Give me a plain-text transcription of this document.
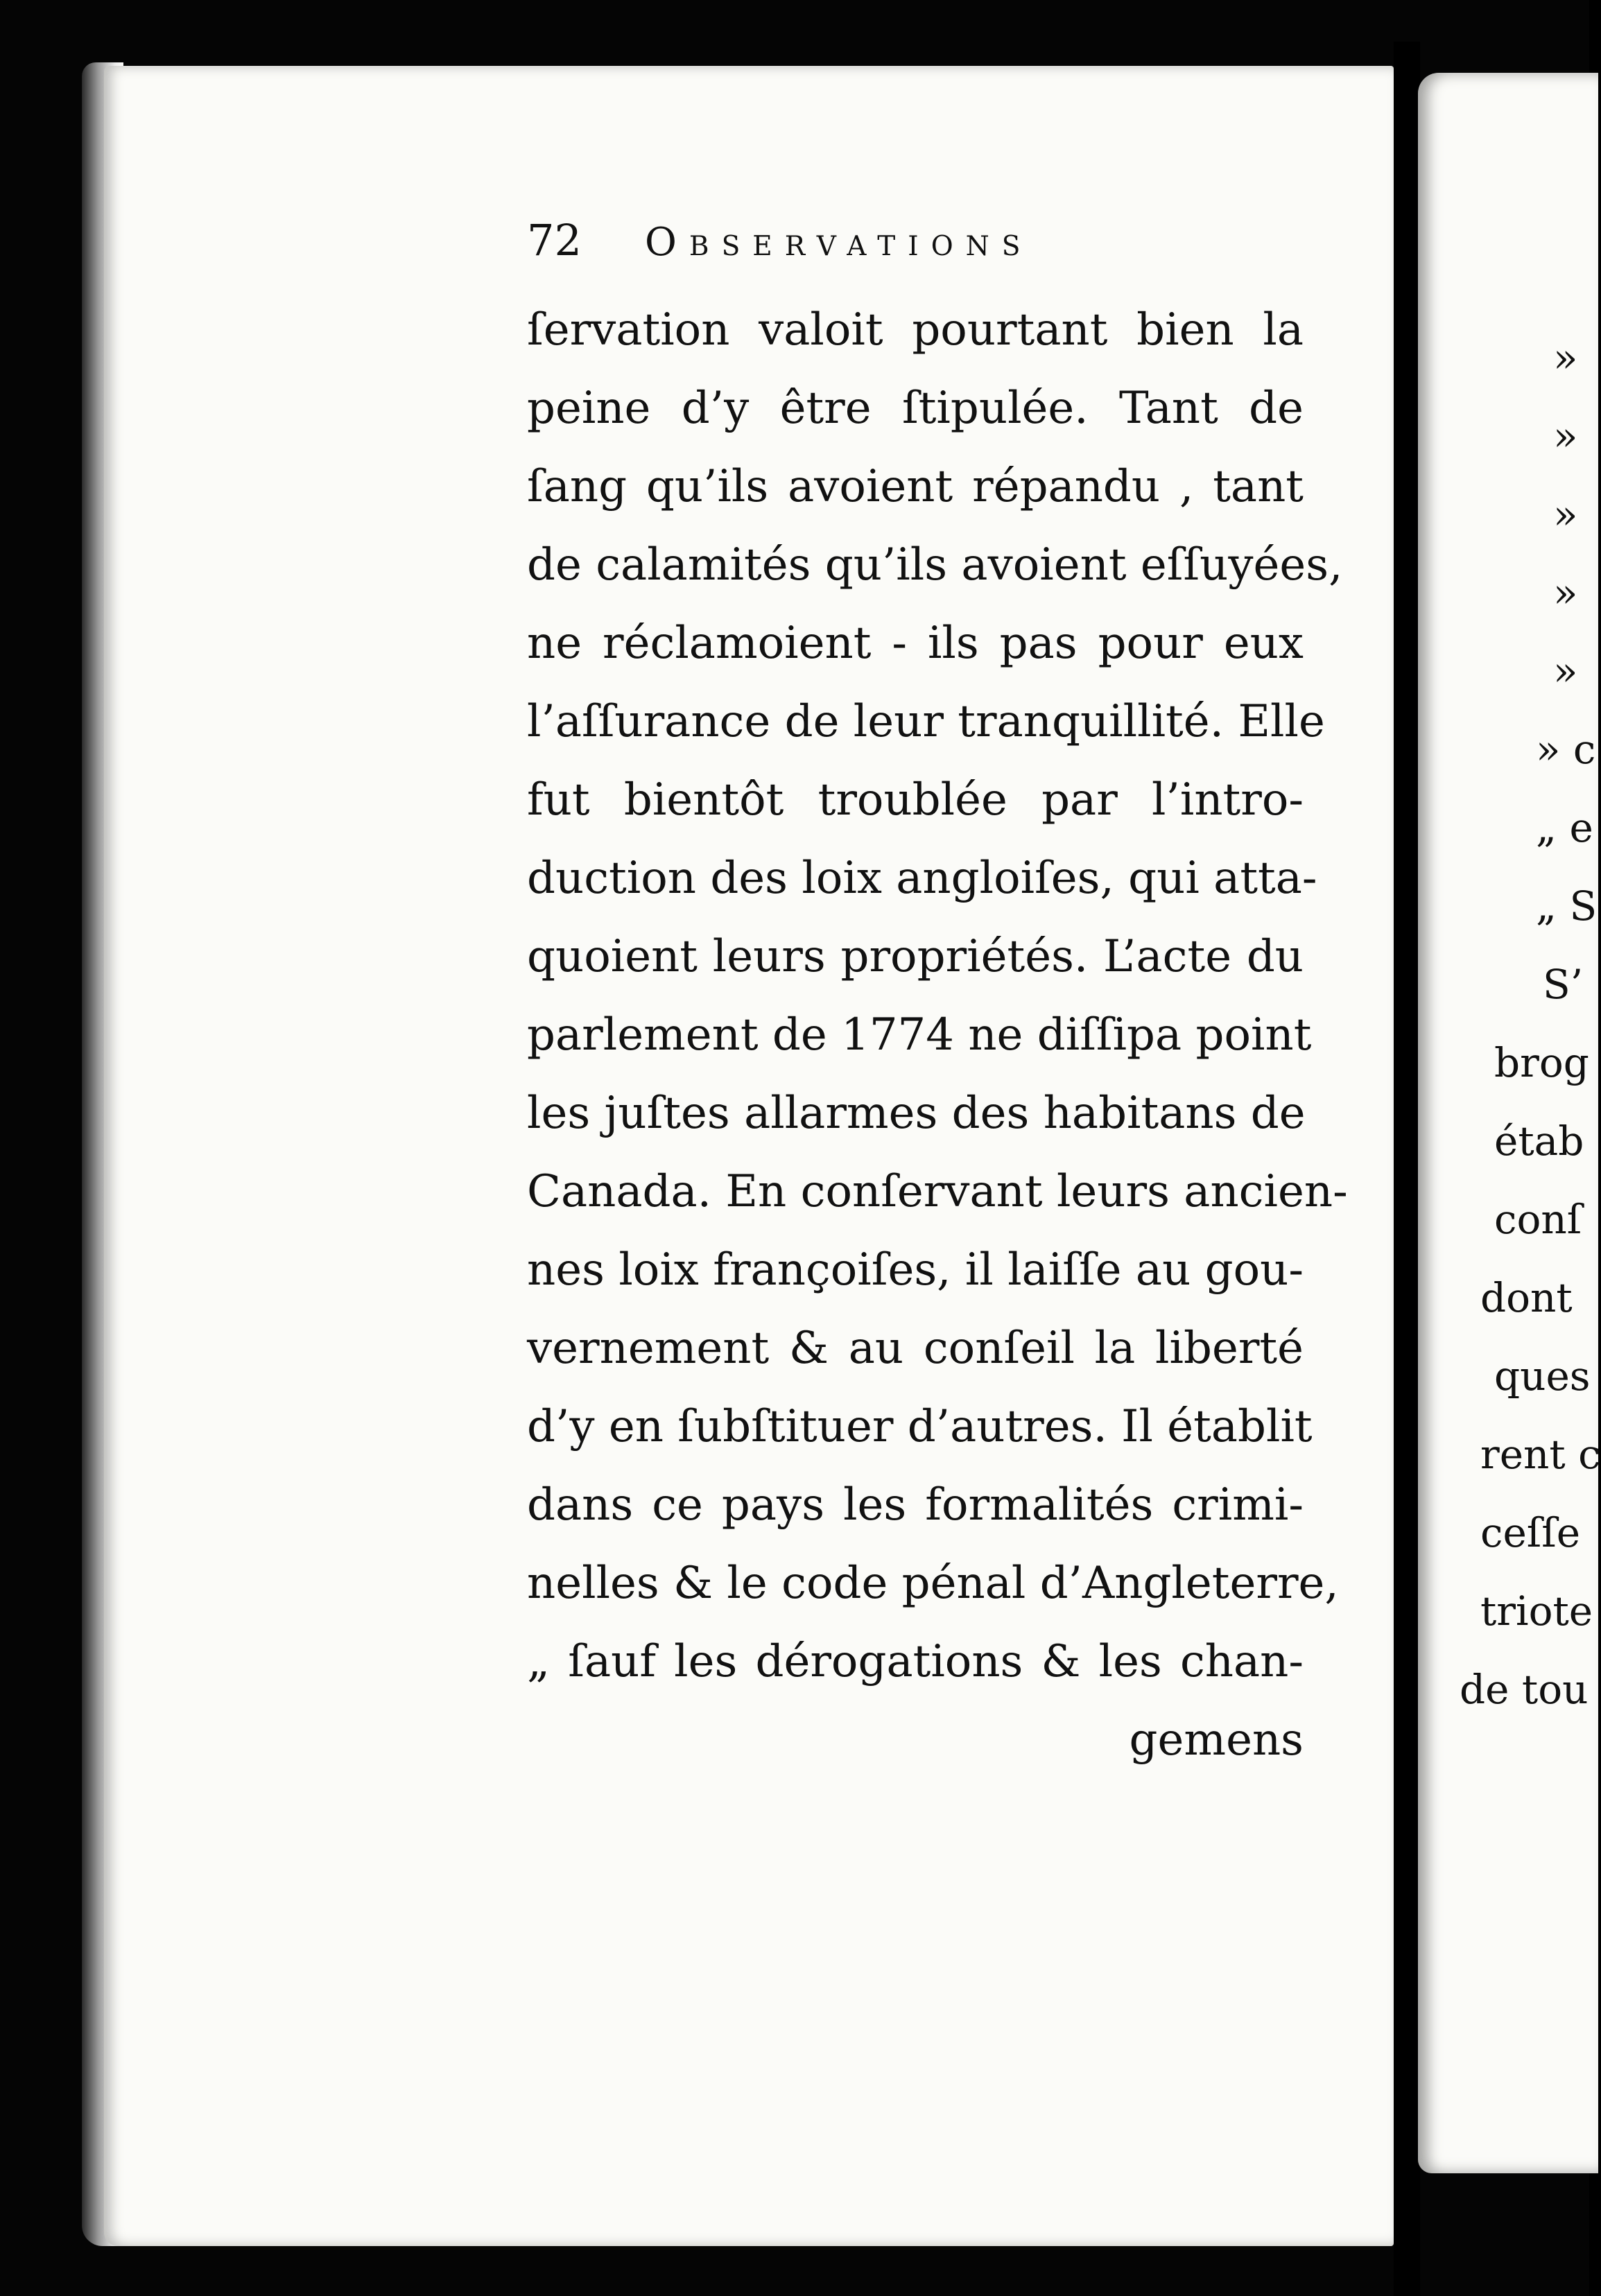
72	Observations
ſervation valoit pourtant bien la
peine d’y être ſtipulée. Tant de
ſang qu’ils avoient répandu , tant
de calamités qu’ils avoient eſſuyées,
ne réclamoient - ils pas pour eux
l’aſſurance de leur tranquillité. Elle
fut bientôt troublée par l’intro-
duction des loix angloiſes, qui atta-
quoient leurs propriétés. L’acte du
parlement de 1774 ne diſſipa point
les juſtes allarmes des habitans de
Canada. En conſervant leurs ancien-
nes loix françoiſes, il laiſſe au gou-
vernement & au conſeil la liberté
d’y en ſubſtituer d’autres. Il établit
dans ce pays les formalités crimi-
nelles & le code pénal d’Angleterre,
„ ſauf les dérogations & les chan-
gemens
»
»
»
»
»
» c
„ e
„ S
S’
brog
étab
conſ
dont
ques
rent c
ceſſe
triote
de tou
